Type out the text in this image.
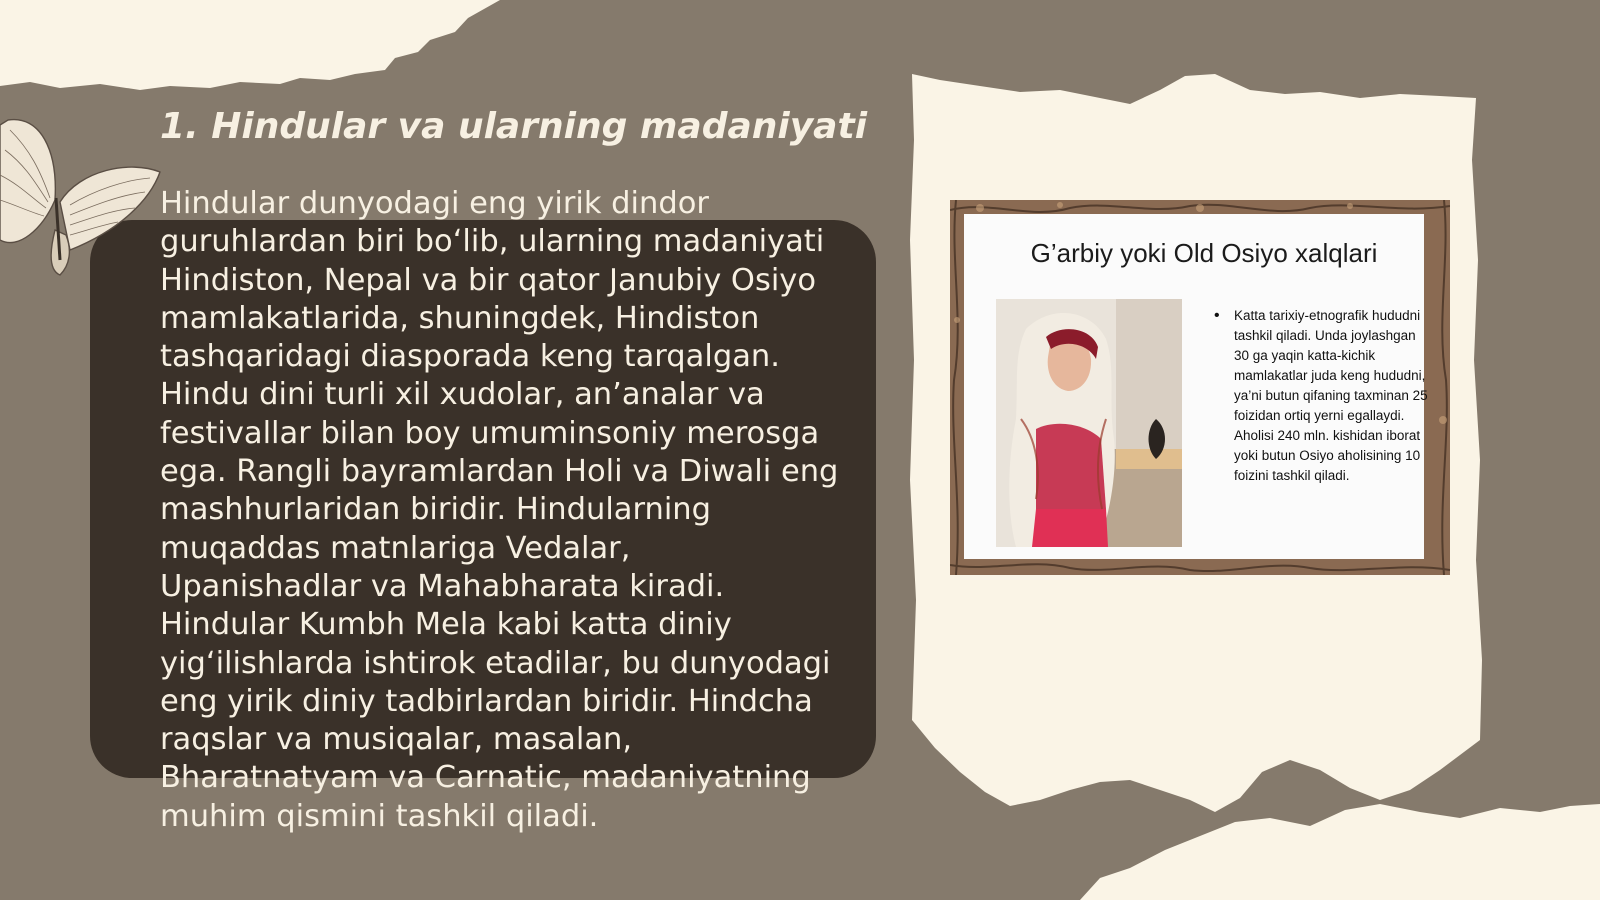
1. Hindular va ularning madaniyati

Hindular dunyodagi eng yirik dindor guruhlardan biri bo‘lib, ularning madaniyati Hindiston, Nepal va bir qator Janubiy Osiyo mamlakatlarida, shuningdek, Hindiston tashqaridagi diasporada keng tarqalgan. Hindu dini turli xil xudolar, an’analar va festivallar bilan boy umuminsoniy merosga ega. Rangli bayramlardan Holi va Diwali eng mashhurlaridan biridir. Hindularning muqaddas matnlariga Vedalar, Upanishadlar va Mahabharata kiradi. Hindular Kumbh Mela kabi katta diniy yig‘ilishlarda ishtirok etadilar, bu dunyodagi eng yirik diniy tadbirlardan biridir. Hindcha raqslar va musiqalar, masalan, Bharatnatyam va Carnatic, madaniyatning muhim qismini tashkil qiladi.

G’arbiy yoki Old Osiyo xalqlari

• Katta tarixiy-etnografik hududni tashkil qiladi. Unda joylashgan 30 ga yaqin katta-kichik mamlakatlar juda keng hududni, ya’ni butun qifaning taxminan 25 foizidan ortiq yerni egallaydi. Aholisi 240 mln. kishidan iborat yoki butun Osiyo aholisining 10 foizini tashkil qiladi.
